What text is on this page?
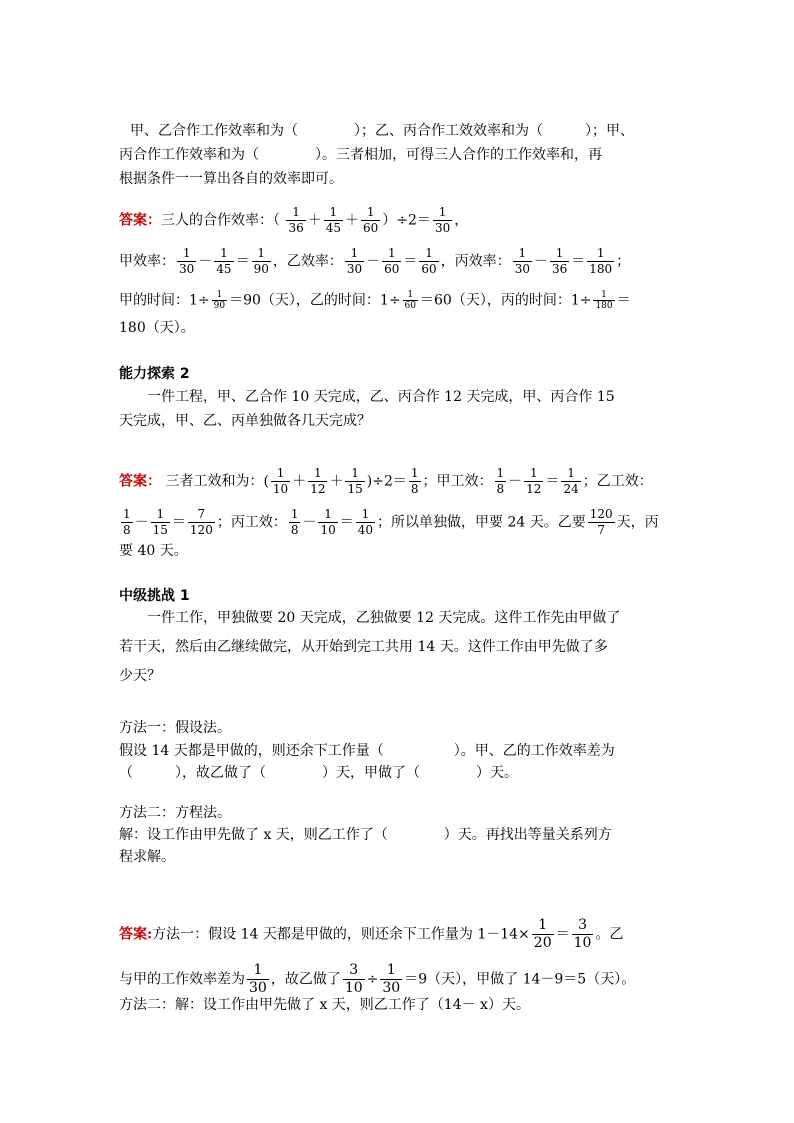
甲、乙合作工作效率和为（　　　　）；乙、丙合作工效效率和为（　　　）；甲、
丙合作工作效率和为（　　　　）。三者相加，可得三人合作的工作效率和，再
根据条件一一算出各自的效率即可。
答案：三人的合作效率：（ $\frac{1}{36} + \frac{1}{45} + \frac{1}{60} )\div 2= \frac{1}{30}$ ，
甲效率： $\frac{1}{30} - \frac{1}{45} = \frac{1}{90}$ ，乙效率： $\frac{1}{30} - \frac{1}{60} = \frac{1}{60}$ ，丙效率： $\frac{1}{30} - \frac{1}{36} = \frac{1}{180}$ ；
甲的时间：$1\div \frac{1}{90} =90$（天），乙的时间：$1\div \frac{1}{60} =60$（天），丙的时间：$1\div \frac{1}{180}$ ＝
180（天）。
能力探索 2
一件工程，甲、乙合作 10 天完成，乙、丙合作 12 天完成，甲、丙合作 15
天完成，甲、乙、丙单独做各几天完成？
答案： 三者工效和为：( $\frac{1}{10} + \frac{1}{12} + \frac{1}{15} )\div 2= \frac{1}{8}$ ；甲工效： $\frac{1}{8} - \frac{1}{12} = \frac{1}{24}$ ；乙工效：
$\frac{1}{8} - \frac{1}{15} = \frac{7}{120}$ ；丙工效： $\frac{1}{8} - \frac{1}{10} = \frac{1}{40}$ ；所以单独做，甲要 24 天。乙要 $\frac{120}{7}$ 天，丙
要 40 天。
中级挑战 1
一件工作，甲独做要 20 天完成，乙独做要 12 天完成。这件工作先由甲做了
若干天，然后由乙继续做完，从开始到完工共用 14 天。这件工作由甲先做了多
少天？
方法一：假设法。
假设 14 天都是甲做的，则还余下工作量（　　　　　）。甲、乙的工作效率差为
（　　　），故乙做了（　　　　）天，甲做了（　　　　）天。
方法二：方程法。
解：设工作由甲先做了 x 天，则乙工作了（　　　　）天。再找出等量关系列方
程求解。
答案:方法一：假设 14 天都是甲做的，则还余下工作量为 $1-14\times \frac{1}{20} = \frac{3}{10}$ 。乙
与甲的工作效率差为 $\frac{1}{30}$ ，故乙做了 $\frac{3}{10} \div \frac{1}{30} =9$（天），甲做了 14－9＝5（天）。
方法二：解：设工作由甲先做了 x 天，则乙工作了（14－ x）天。
